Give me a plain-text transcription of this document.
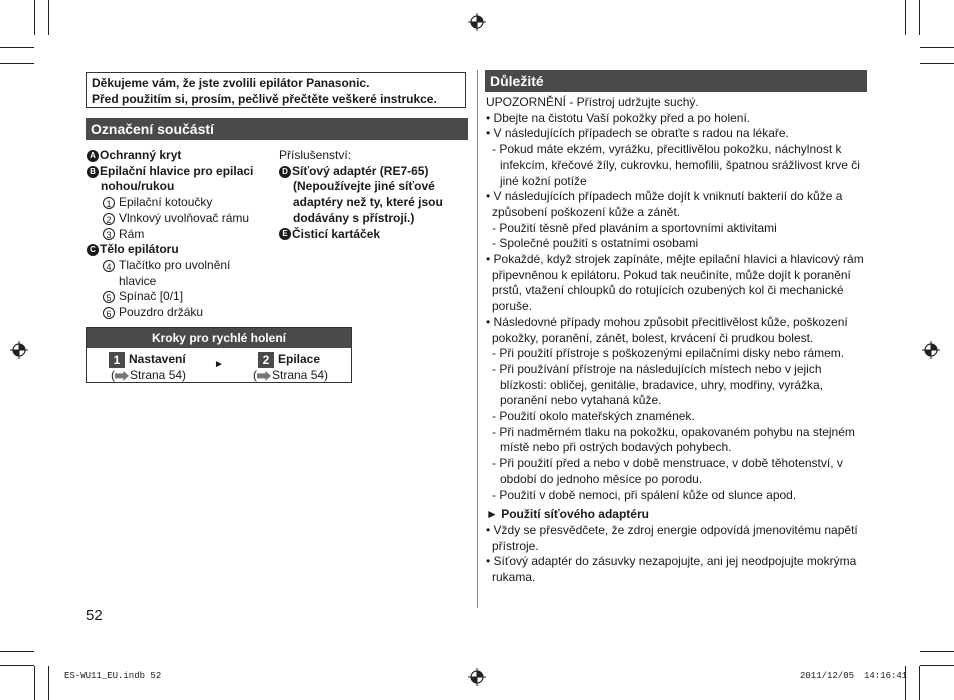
Děkujeme vám, že jste zvolili epilátor Panasonic.
Před použitím si, prosím, pečlivě přečtěte veškeré instrukce.
Označení součástí
A Ochranný kryt
B Epilační hlavice pro epilaci
nohou/rukou
1 Epilační kotoučky
2 Vlnkový uvolňovač rámu
3 Rám
C Tělo epilátoru
4 Tlačítko pro uvolnění
hlavice
5 Spínač [0/1]
6 Pouzdro držáku
Příslušenství:
D Síťový adaptér (RE7-65)
(Nepoužívejte jiné síťové
adaptéry než ty, které jsou
dodávány s přístroji.)
E Čisticí kartáček
Kroky pro rychlé holení
1 Nastavení
( Strana 54)
►	2 Epilace
( Strana 54)
52
Důležité
UPOZORNĚNÍ - Přístroj udržujte suchý.
• Dbejte na čistotu Vaší pokožky před a po holení.
• V následujících případech se obraťte s radou na lékaře.
- Pokud máte ekzém, vyrážku, přecitlivělou pokožku, náchylnost k
infekcím, křečové žíly, cukrovku, hemofilii, špatnou srážlivost krve či
jiné kožní potíže
• V následujících případech může dojít k vniknutí bakterií do kůže a
způsobení poškození kůže a zánět.
- Použití těsně před plaváním a sportovními aktivitami
- Společné použití s ostatními osobami
• Pokaždé, když strojek zapínáte, mějte epilační hlavici a hlavicový rám
připevněnou k epilátoru. Pokud tak neučiníte, může dojít k poranění
prstů, vtažení chloupků do rotujících ozubených kol či mechanické
poruše.
• Následovné případy mohou způsobit přecitlivělost kůže, poškození
pokožky, poranění, zánět, bolest, krvácení či prudkou bolest.
- Při použití přístroje s poškozenými epilačními disky nebo rámem.
- Při používání přístroje na následujících místech nebo v jejich
blízkosti: obličej, genitálie, bradavice, uhry, modřiny, vyrážka,
poranění nebo vytahaná kůže.
- Použití okolo mateřských znamének.
- Při nadměrném tlaku na pokožku, opakovaném pohybu na stejném
místě nebo při ostrých bodavých pohybech.
- Při použití před a nebo v době menstruace, v době těhotenství, v
období do jednoho měsíce po porodu.
- Použití v době nemoci, při spálení kůže od slunce apod.
► Použití síťového adaptéru
• Vždy se přesvědčete, že zdroj energie odpovídá jmenovitému napětí
přístroje.
• Síťový adaptér do zásuvky nezapojujte, ani jej neodpojujte mokrýma
rukama.
ES-WU11_EU.indb 52	2011/12/05 14:16:41
